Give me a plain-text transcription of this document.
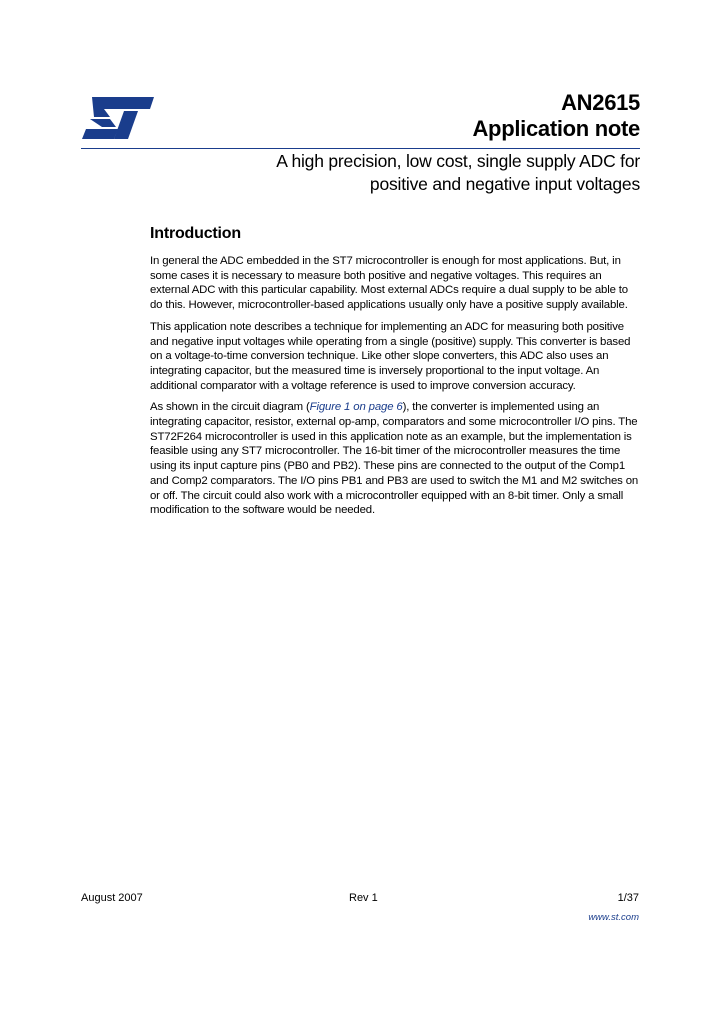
AN2615
Application note
A high precision, low cost, single supply ADC for
positive and negative input voltages
Introduction

In general the ADC embedded in the ST7 microcontroller is enough for most applications. But, in some cases it is necessary to measure both positive and negative voltages. This requires an external ADC with this particular capability. Most external ADCs require a dual supply to be able to do this. However, microcontroller-based applications usually only have a positive supply available.

This application note describes a technique for implementing an ADC for measuring both positive and negative input voltages while operating from a single (positive) supply. This converter is based on a voltage-to-time conversion technique. Like other slope converters, this ADC also uses an integrating capacitor, but the measured time is inversely proportional to the input voltage. An additional comparator with a voltage reference is used to improve conversion accuracy.

As shown in the circuit diagram (Figure 1 on page 6), the converter is implemented using an integrating capacitor, resistor, external op-amp, comparators and some microcontroller I/O pins. The ST72F264 microcontroller is used in this application note as an example, but the implementation is feasible using any ST7 microcontroller. The 16-bit timer of the microcontroller measures the time using its input capture pins (PB0 and PB2). These pins are connected to the output of the Comp1 and Comp2 comparators. The I/O pins PB1 and PB3 are used to switch the M1 and M2 switches on or off. The circuit could also work with a microcontroller equipped with an 8-bit timer. Only a small modification to the software would be needed.

August 2007	Rev 1	1/37
www.st.com
